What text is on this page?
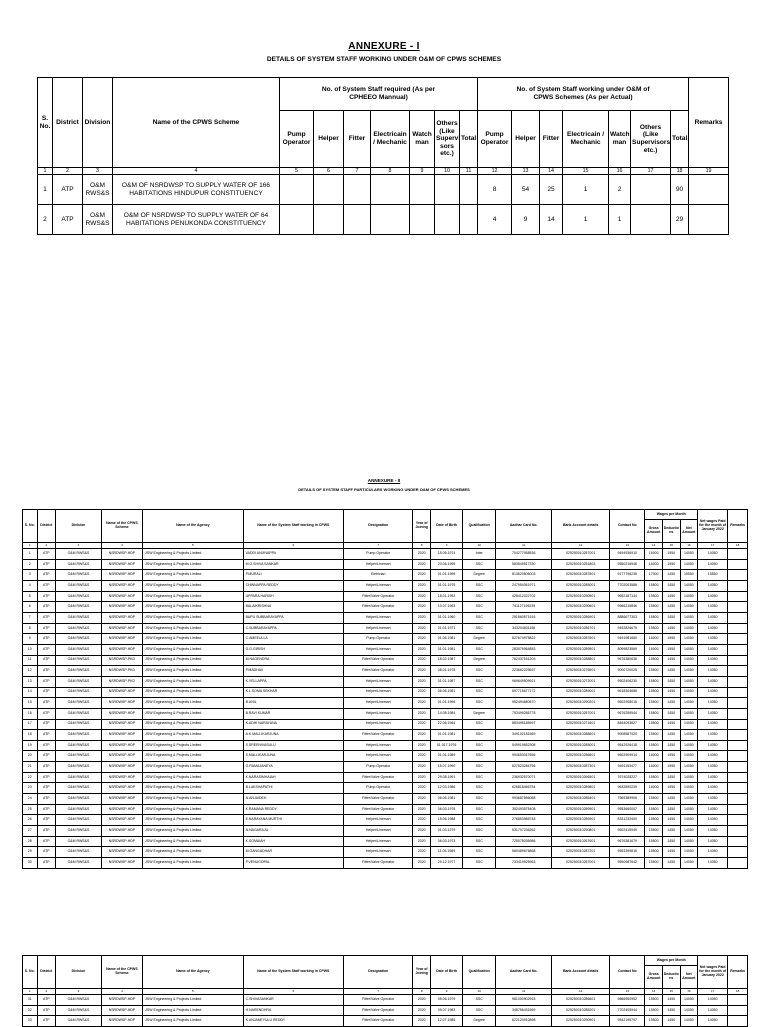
ANNEXURE - I
DETAILS OF SYSTEM STAFF WORKING UNDER O&M OF CPWS SCHEMES
S. No.	District	Division	Name of the CPWS Scheme	No. of System Staff required (As per CPHEEO Mannual)							No. of System Staff working under O&M of CPWS Schemes (As per Actual)							Remarks
				Pump Operator	Helper	Fitter	Electricain / Mechanic	Watch man	Others (Like Supervi sors etc.)	Total	Pump Operator	Helper	Fitter	Electricain / Mechanic	Watch man	Others (Like Supervisors etc.)	Total	
1	2	3	4	5	6	7	8	9	10	11	12	13	14	15	16	17	18	19
1	ATP	O&M RWS&S	O&M OF NSRDWSP TO SUPPLY WATER OF 166 HABITATIONS HINDUPUR CONSTITUENCY								8	54	25	1	2		90	
2	ATP	O&M RWS&S	O&M OF NSRDWSP TO SUPPLY WATER OF 64 HABITATIONS PENUKONDA CONSTITUENCY								4	9	14	1	1		29	
ANNEXURE - II
DETAILS OF SYSTEM STAFF PARTICULARS WORKING UNDER O&M OF CPWS SCHEMES
S. No.	District	Division	Name of the CPWS Scheme	Name of the Agency	Name of the System Staff working in CPWS	Designation	Year of Joining	Date of Birth	Qualification	Aadhar Card No.	Bank Account details	Contact No	Wages per Month			Net wages Paid for the month of January 2022	Remarks
													Gross Amount	Deductio ns	Net Amount		
1	2	3	4	5	6	7	8	9	10	11	12	13	14	15	16	17	18
1	ATP	O&M RWS&S	NSRDWSP-HDP	JSW Engineering & Projects Limited	VADDI ANJINAPPA	Pump Operator	2020	15.06.1974	Inter	704277958536	025250010257001	9494936910	16000	1950	14050	14050	
2	ATP	O&M RWS&S	NSRDWSP-HDP	JSW Engineering & Projects Limited	M.G.SHIVA SANKAR	Helper/Lineman	2020	20.06.1995	SSC	583549517330	025250010251803	9550216946	16000	1950	14050	14050	
3	ATP	O&M RWS&S	NSRDWSP-HDP	JSW Engineering & Projects Limited	P.MURALI	Eletrician	2020	01.01.1995	Degree	813620506003	025250010287801	9177796235	17000	1450	15550	15550	
4	ATP	O&M RWS&S	NSRDWSP-HDP	JSW Engineering & Projects Limited	CHINNAPPA REDDY	Helper/Lineman	2020	01.01.1975	SSC	247954061971	025250010285001	7702003586	15500	1450	14050	14050	
5	ATP	O&M RWS&S	NSRDWSP-HDP	JSW Engineering & Projects Limited	UPPARA HARISH	Fitter/Valve Operator	2020	18.01.1992	SSC	428412222702	025250010290501	9652187134	15500	1450	14050	14050	
6	ATP	O&M RWS&S	NSRDWSP-HDP	JSW Engineering & Projects Limited	BALAIKRISHNA	Fitter/Valve Operator	2020	10.07.1993	SSC	741127195239	025250010290601	9966215846	15500	1450	14050	14050	
7	ATP	O&M RWS&S	NSRDWSP-HDP	JSW Engineering & Projects Limited	BAPU SUBBARAYAPPA	Helper/Lineman	2020	01.01.1960	SSC	281860571516	025250010286901	8886677303	15500	1450	14050	14050	
8	ATP	O&M RWS&S	NSRDWSP-HDP	JSW Engineering & Projects Limited	C.SUBBARAYAPPA	Helper/Lineman	2020	01.01.1971	SSC	343204631156	025250010286701	9492826675	15500	1450	14050	14050	
9	ATP	O&M RWS&S	NSRDWSP-HDP	JSW Engineering & Projects Limited	C.AMEEULLA	Pump Operator	2020	01.06.1981	Degree	827674975822	025250010287601	9491981660	16000	1950	14050	14050	
10	ATP	O&M RWS&S	NSRDWSP-HDP	JSW Engineering & Projects Limited	G.G.GIRISH	Helper/Lineman	2020	01.01.1981	SSC	283579964853	025250010289501	8099823569	16000	1950	14050	14050	
11	ATP	O&M RWS&S	NSRDWSP-PKD	JSW Engineering & Projects Limited	M.NAGENDRA	Fitter/Valve Operator	2020	18.02.1987	Degree	762437161203	025250010288801	9676380636	15500	1450	14050	14050	
12	ATP	O&M RWS&S	NSRDWSP-PKD	JSW Engineering & Projects Limited	P.MADHAV	Fitter/Valve Operator	2020	08.01.1978	SSC	223662225697	025250010276501	9000720025	15500	1450	14050	14050	
13	ATP	O&M RWS&S	NSRDWSP-PKD	JSW Engineering & Projects Limited	K.YELLAPPA	Helper/Lineman	2020	01.01.1987	SSC	969649509921	025250010272001	9502406230	15500	1450	14050	14050	
14	ATP	O&M RWS&S	NSRDWSP-HDP	JSW Engineering & Projects Limited	K.L.SOMA SEKHAR	Helper/Lineman	2020	06.06.1981	SSC	697715677172	025250010289001	9618304688	15500	1450	14050	14050	
15	ATP	O&M RWS&S	NSRDWSP-HDP	JSW Engineering & Projects Limited	B.ANIL	Helper/Lineman	2020	01.01.1996	SSC	952494680570	025250010290201	9502908016	15500	1450	14050	14050	
16	ATP	O&M RWS&S	NSRDWSP-HDP	JSW Engineering & Projects Limited	B.RAVI KUMAR	Helper/Lineman	2020	14.08.1984	Degree	753499286778	025250010257001	9676259544	15500	1450	14050	14050	
17	ATP	O&M RWS&S	NSRDWSP-HDP	JSW Engineering & Projects Limited	K.ADHI NARAYANA	Helper/Lineman	2020	22.06.1964	SSC	883495185997	025250010271601	8464093827	15500	1450	14050	14050	
18	ATP	O&M RWS&S	NSRDWSP-HDP	JSW Engineering & Projects Limited	A.K.MALLIKARJUNA	Fitter/Valve Operator	2020	01.01.1981	SSC	349102181569	025250010288601	9908587920	15500	1450	14050	14050	
19	ATP	O&M RWS&S	NSRDWSP-HDP	JSW Engineering & Projects Limited	S.SREENIVASULU	Helper/Lineman	2020	01.017.1976	SSC	549919652308	025250010285001	9542926418	15500	1450	14050	14050	
20	ATP	O&M RWS&S	NSRDWSP-HDP	JSW Engineering & Projects Limited	S.MALLIKARJUNA	Helper/Lineman	2020	01.01.1989	SSC	994653047656	025250010256601	9502909914	16000	1950	14050	14050	
21	ATP	O&M RWS&S	NSRDWSP-HDP	JSW Engineering & Projects Limited	G.RAMAJANEYA	Pump Operator	2020	15.07.1990	SSC	827523284756	025250010287301	9491153477	16000	1950	14050	14050	
22	ATP	O&M RWS&S	NSRDWSP-HDP	JSW Engineering & Projects Limited	K.NARASIMHAIAH	Fitter/Valve Operator	2020	29.08.1991	SSC	236932570071	025250010266501	7674028227	15500	1450	14050	14050	
23	ATP	O&M RWS&S	NSRDWSP-HDP	JSW Engineering & Projects Limited	B.LAKSHAPATHI	Pump Operator	2020	12.03.1986	SSC	626818466754	025250010289801	9632890239	16000	1950	14050	14050	
24	ATP	O&M RWS&S	NSRDWSP-HDP	JSW Engineering & Projects Limited	N.ANJAIDEH	Fitter/Valve Operator	2020	06.06.1981	SSC	993687556068	025250010285401	7569389906	15500	1450	14050	14050	
25	ATP	O&M RWS&S	NSRDWSP-HDP	JSW Engineering & Projects Limited	K.RAMANA REDDY	Fitter/Valve Operator	2020	06.03.1978	SSC	352493575408	025250010289901	9553660007	15500	1450	14050	14050	
26	ATP	O&M RWS&S	NSRDWSP-HDP	JSW Engineering & Projects Limited	E.NARAYANA MURTHI	Helper/Lineman	2020	15.06.1988	SSC	276853985748	025250010289901	8331232400	15500	1450	14050	14050	
27	ATP	O&M RWS&S	NSRDWSP-HDP	JSW Engineering & Projects Limited	N.NAGARAJU	Helper/Lineman	2020	01.03.1979	SSC	531707236262	025250010290801	9502415949	15500	1450	14050	14050	
28	ATP	O&M RWS&S	NSRDWSP-HDP	JSW Engineering & Projects Limited	K.SOMAIAH	Helper/Lineman	2020	06.03.1973	SSC	725078036986	025250010267601	9676381679	15500	1450	14050	14050	
29	ATP	O&M RWS&S	NSRDWSP-HDP	JSW Engineering & Projects Limited	M.GANGADHAR	Helper/Lineman	2020	11.05.1989	SSC	569489676868	025250010287201	9553399816	15500	1450	14050	14050	
30	ATP	O&M RWS&S	NSRDWSP-HDP	JSW Engineering & Projects Limited	P.VENUGOPAL	Fitter/Valve Operator	2020	29.12.1977	SSC	733419925963	025250010257001	9550987642	15500	1450	14050	14050	
S. No.	District	Division	Name of the CPWS Scheme	Name of the Agency	Name of the System Staff working in CPWS	Designation	Year of Joining	Date of Birth	Qualification	Aadhar Card No.	Bank Account details	Contact No	Wages per Month			Net wages Paid for the month of January 2022	Remarks
													Gross Amount	Deductio ns	Net Amount		
1	2	3	4	5	6	7	8	9	10	11	12	13	14	15	16	17	18
31	ATP	O&M RWS&S	NSRDWSP-HDP	JSW Engineering & Projects Limited	C.SHIVASANKAR	Fitter/Valve Operator	2020	05.06.1979	SSC	981000902915	025250010286601	9866950952	15500	1450	14050	14050	
32	ATP	O&M RWS&S	NSRDWSP-HDP	JSW Engineering & Projects Limited	H.NARENDHRA	Fitter/Valve Operator	2020	09.07.1983	SSC	348756431569	025250010285201	7702405944	15500	1450	14050	14050	
33	ATP	O&M RWS&S	NSRDWSP-HDP	JSW Engineering & Projects Limited	K.ANJANEYULU REDDY	Fitter/Valve Operator	2020	12.07.1985	Degree	822124910898	025250010290901	9542195797	15500	1450	14050	14050	
